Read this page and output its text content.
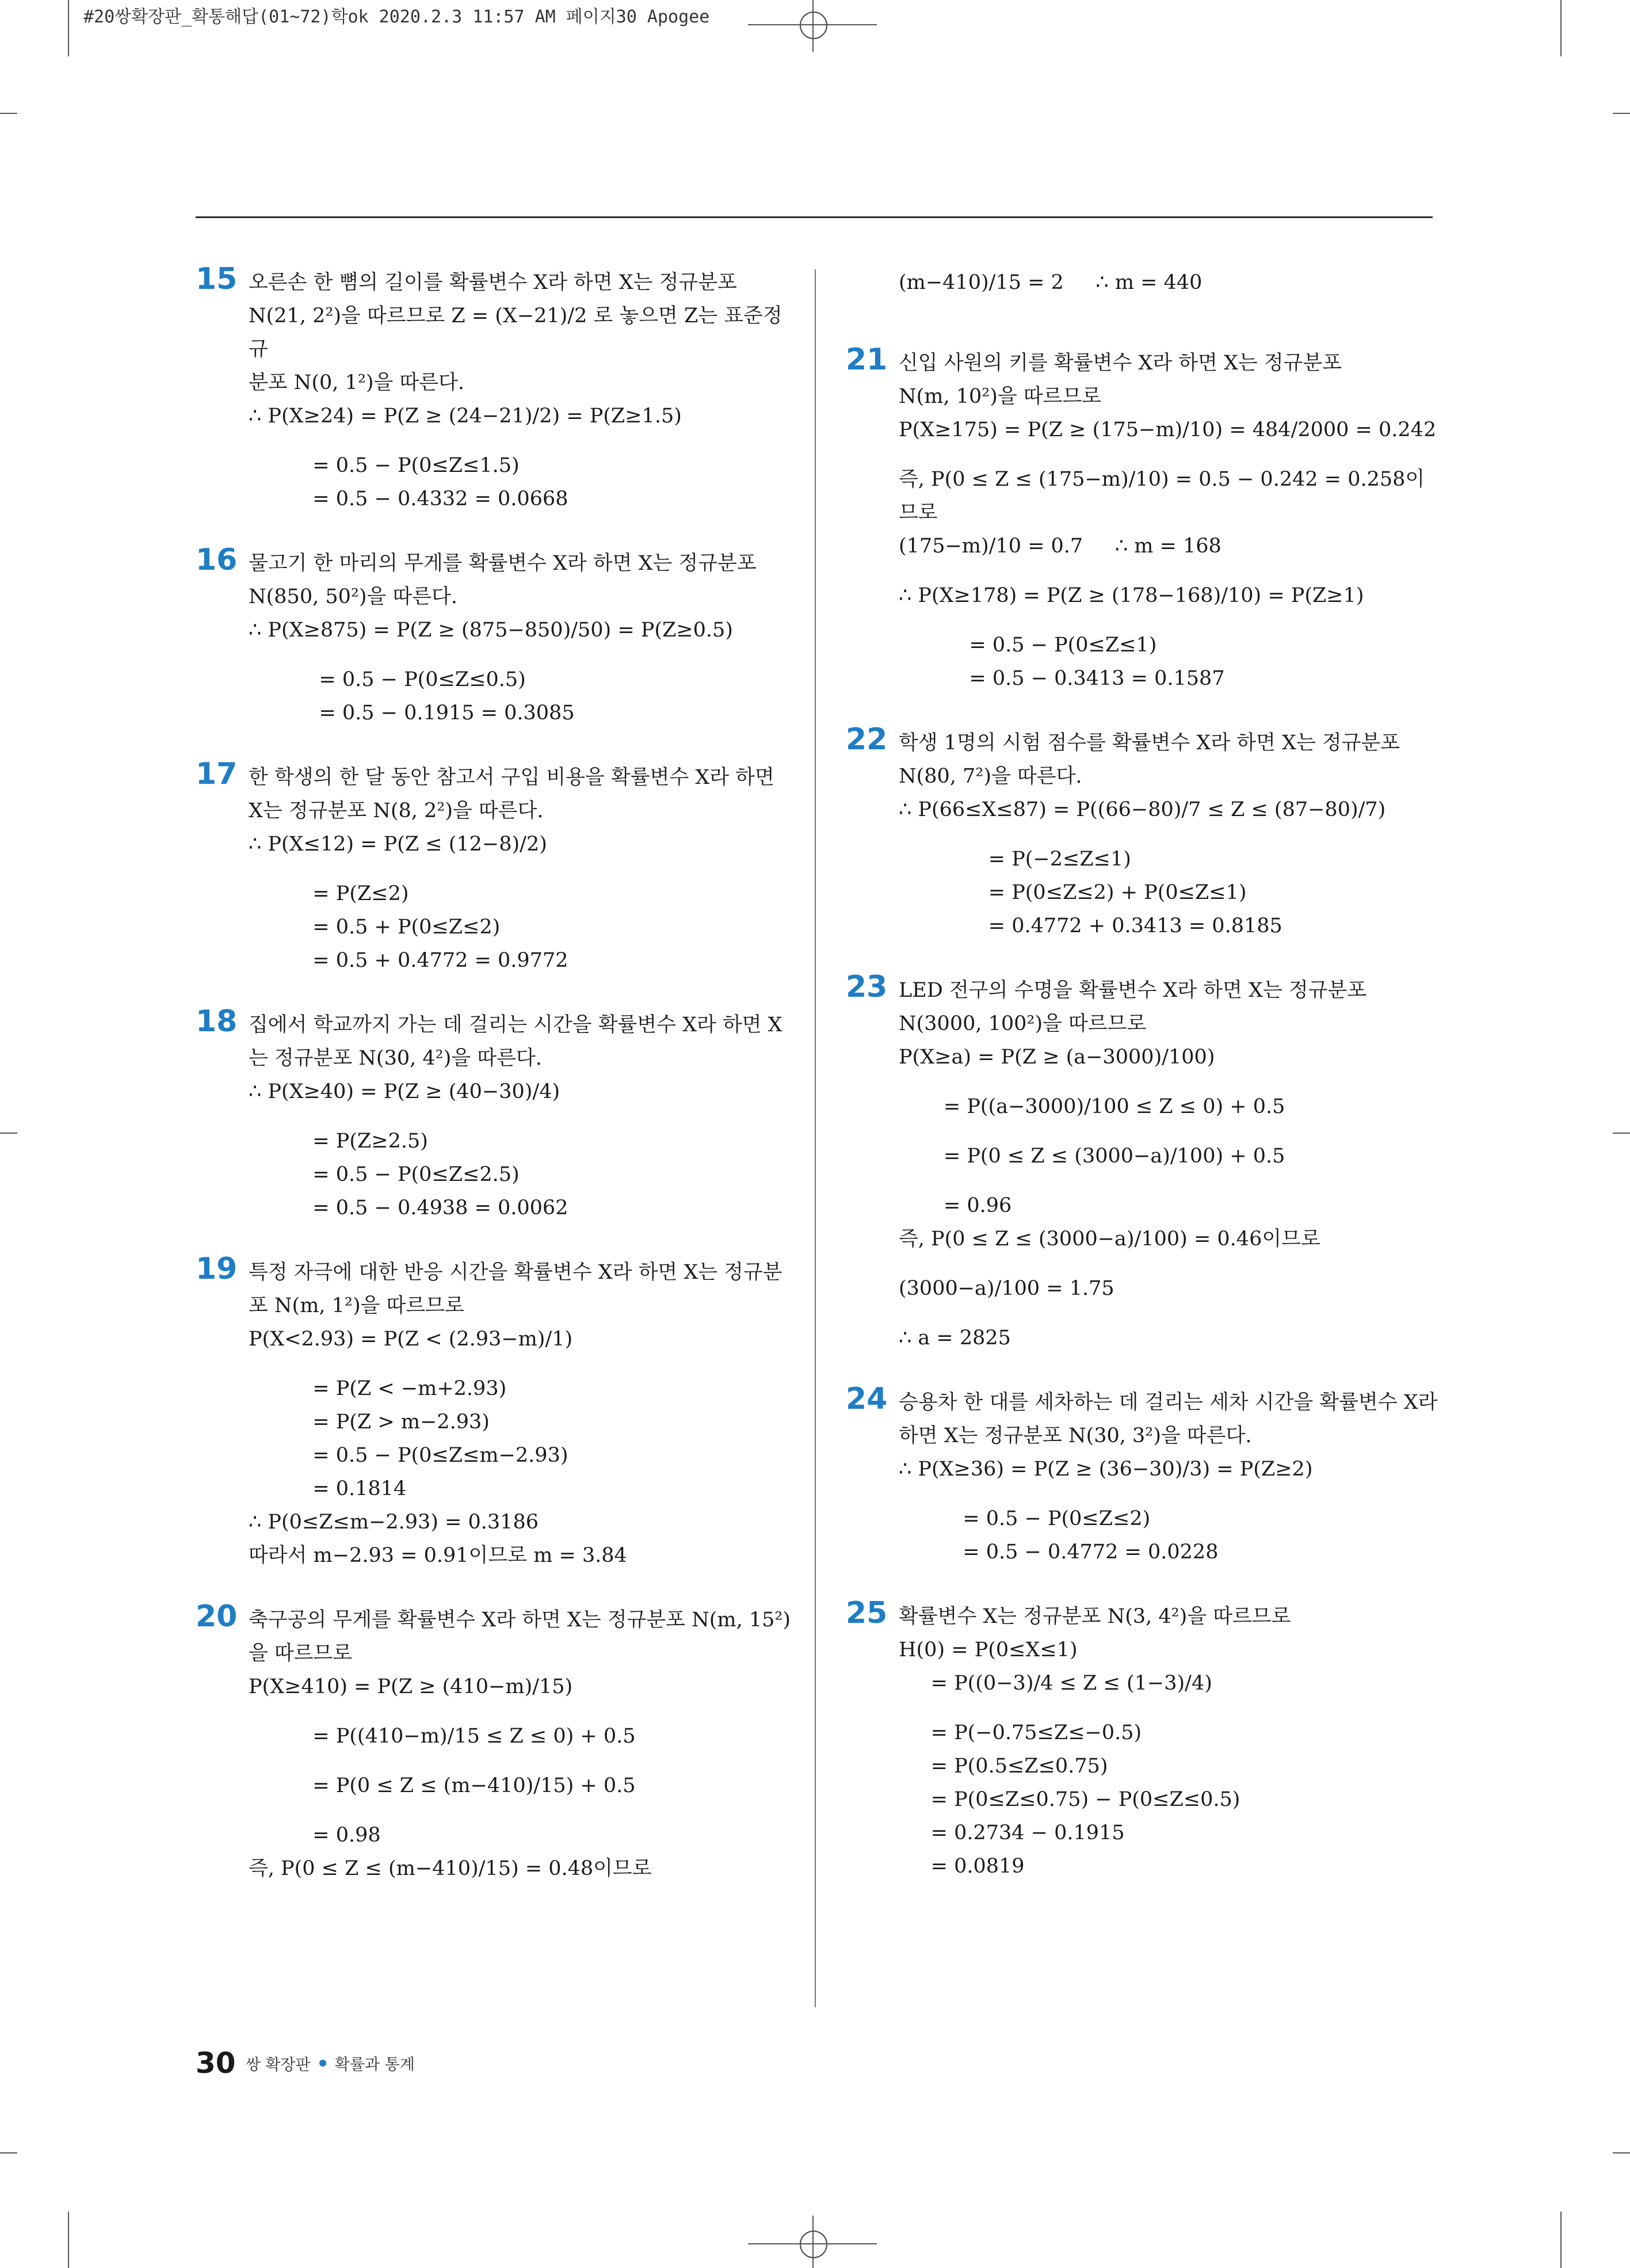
#20쌍확장판_확통해답(01~72)학ok 2020.2.3 11:57 AM 페이지30 Apogee
15 오른손 한 뼘의 길이를 확률변수 X라 하면 X는 정규분포
N(21, 2²)을 따르므로 Z = (X−21)/2 로 놓으면 Z는 표준정규
분포 N(0, 1²)을 따른다.
∴ P(X≥24) = P(Z ≥ (24−21)/2) = P(Z≥1.5)
= 0.5 − P(0≤Z≤1.5)
= 0.5 − 0.4332 = 0.0668
16 물고기 한 마리의 무게를 확률변수 X라 하면 X는 정규분포
N(850, 50²)을 따른다.
∴ P(X≥875) = P(Z ≥ (875−850)/50) = P(Z≥0.5)
= 0.5 − P(0≤Z≤0.5)
= 0.5 − 0.1915 = 0.3085
17 한 학생의 한 달 동안 참고서 구입 비용을 확률변수 X라 하면
X는 정규분포 N(8, 2²)을 따른다.
∴ P(X≤12) = P(Z ≤ (12−8)/2)
= P(Z≤2)
= 0.5 + P(0≤Z≤2)
= 0.5 + 0.4772 = 0.9772
18 집에서 학교까지 가는 데 걸리는 시간을 확률변수 X라 하면 X
는 정규분포 N(30, 4²)을 따른다.
∴ P(X≥40) = P(Z ≥ (40−30)/4)
= P(Z≥2.5)
= 0.5 − P(0≤Z≤2.5)
= 0.5 − 0.4938 = 0.0062
19 특정 자극에 대한 반응 시간을 확률변수 X라 하면 X는 정규분
포 N(m, 1²)을 따르므로
P(X<2.93) = P(Z < (2.93−m)/1)
= P(Z < −m+2.93)
= P(Z > m−2.93)
= 0.5 − P(0≤Z≤m−2.93)
= 0.1814
∴ P(0≤Z≤m−2.93) = 0.3186
따라서 m−2.93 = 0.91이므로 m = 3.84
20 축구공의 무게를 확률변수 X라 하면 X는 정규분포 N(m, 15²)
을 따르므로
P(X≥410) = P(Z ≥ (410−m)/15)
= P((410−m)/15 ≤ Z ≤ 0) + 0.5
= P(0 ≤ Z ≤ (m−410)/15) + 0.5
= 0.98
즉, P(0 ≤ Z ≤ (m−410)/15) = 0.48이므로
(m−410)/15 = 2     ∴ m = 440
21 신입 사원의 키를 확률변수 X라 하면 X는 정규분포
N(m, 10²)을 따르므로
P(X≥175) = P(Z ≥ (175−m)/10) = 484/2000 = 0.242
즉, P(0 ≤ Z ≤ (175−m)/10) = 0.5 − 0.242 = 0.258이므로
(175−m)/10 = 0.7     ∴ m = 168
∴ P(X≥178) = P(Z ≥ (178−168)/10) = P(Z≥1)
= 0.5 − P(0≤Z≤1)
= 0.5 − 0.3413 = 0.1587
22 학생 1명의 시험 점수를 확률변수 X라 하면 X는 정규분포
N(80, 7²)을 따른다.
∴ P(66≤X≤87) = P((66−80)/7 ≤ Z ≤ (87−80)/7)
= P(−2≤Z≤1)
= P(0≤Z≤2) + P(0≤Z≤1)
= 0.4772 + 0.3413 = 0.8185
23 LED 전구의 수명을 확률변수 X라 하면 X는 정규분포
N(3000, 100²)을 따르므로
P(X≥a) = P(Z ≥ (a−3000)/100)
= P((a−3000)/100 ≤ Z ≤ 0) + 0.5
= P(0 ≤ Z ≤ (3000−a)/100) + 0.5
= 0.96
즉, P(0 ≤ Z ≤ (3000−a)/100) = 0.46이므로
(3000−a)/100 = 1.75
∴ a = 2825
24 승용차 한 대를 세차하는 데 걸리는 세차 시간을 확률변수 X라
하면 X는 정규분포 N(30, 3²)을 따른다.
∴ P(X≥36) = P(Z ≥ (36−30)/3) = P(Z≥2)
= 0.5 − P(0≤Z≤2)
= 0.5 − 0.4772 = 0.0228
25 확률변수 X는 정규분포 N(3, 4²)을 따르므로
H(0) = P(0≤X≤1)
= P((0−3)/4 ≤ Z ≤ (1−3)/4)
= P(−0.75≤Z≤−0.5)
= P(0.5≤Z≤0.75)
= P(0≤Z≤0.75) − P(0≤Z≤0.5)
= 0.2734 − 0.1915
= 0.0819
30 쌍 확장판 확률과 통계
